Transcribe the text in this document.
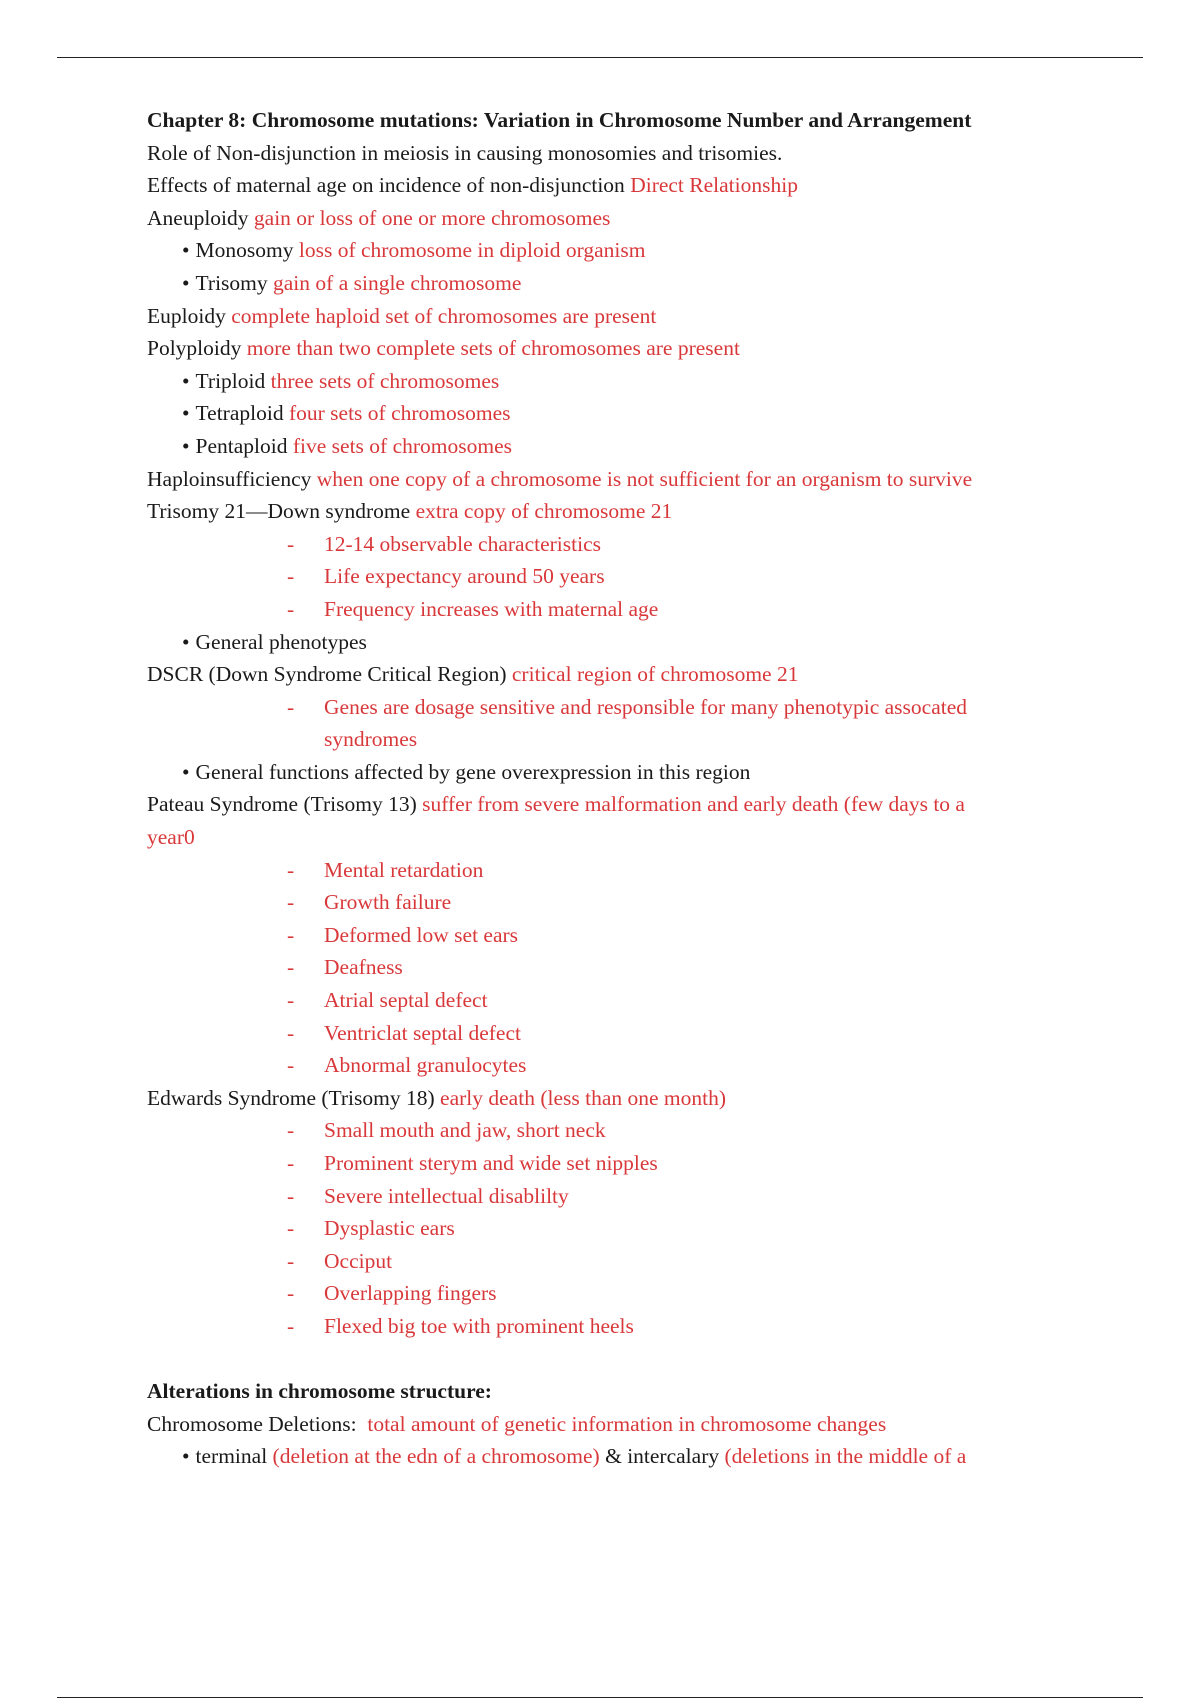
Chapter 8: Chromosome mutations: Variation in Chromosome Number and Arrangement
Role of Non-disjunction in meiosis in causing monosomies and trisomies.
Effects of maternal age on incidence of non-disjunction Direct Relationship
Aneuploidy gain or loss of one or more chromosomes
• Monosomy loss of chromosome in diploid organism
• Trisomy gain of a single chromosome
Euploidy complete haploid set of chromosomes are present
Polyploidy more than two complete sets of chromosomes are present
• Triploid three sets of chromosomes
• Tetraploid four sets of chromosomes
• Pentaploid five sets of chromosomes
Haploinsufficiency when one copy of a chromosome is not sufficient for an organism to survive
Trisomy 21—Down syndrome extra copy of chromosome 21
- 12-14 observable characteristics
- Life expectancy around 50 years
- Frequency increases with maternal age
• General phenotypes
DSCR (Down Syndrome Critical Region) critical region of chromosome 21
- Genes are dosage sensitive and responsible for many phenotypic assocated
syndromes
• General functions affected by gene overexpression in this region
Pateau Syndrome (Trisomy 13) suffer from severe malformation and early death (few days to a
year0
- Mental retardation
- Growth failure
- Deformed low set ears
- Deafness
- Atrial septal defect
- Ventriclat septal defect
- Abnormal granulocytes
Edwards Syndrome (Trisomy 18) early death (less than one month)
- Small mouth and jaw, short neck
- Prominent sterym and wide set nipples
- Severe intellectual disablilty
- Dysplastic ears
- Occiput
- Overlapping fingers
- Flexed big toe with prominent heels
Alterations in chromosome structure:
Chromosome Deletions: total amount of genetic information in chromosome changes
• terminal (deletion at the edn of a chromosome) & intercalary (deletions in the middle of a
